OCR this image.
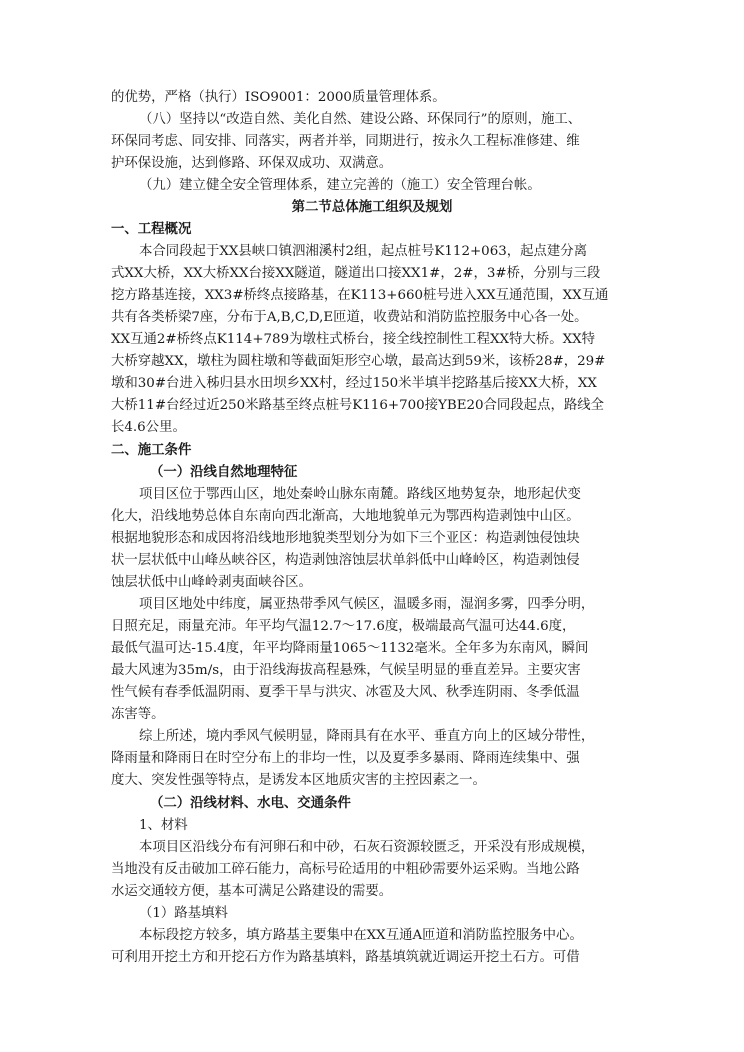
的优势，严格（执行）ISO9001：2000质量管理体系。
（八）坚持以“改造自然、美化自然、建设公路、环保同行”的原则，施工、
环保同考虑、同安排、同落实，两者并举，同期进行，按永久工程标准修建、维
护环保设施，达到修路、环保双成功、双满意。
（九）建立健全安全管理体系，建立完善的（施工）安全管理台帐。
第二节总体施工组织及规划
一、工程概况
本合同段起于XX县峡口镇泗湘溪村2组，起点桩号K112+063，起点建分离
式XX大桥，XX大桥XX台接XX隧道，隧道出口接XX1#，2#，3#桥，分别与三段
挖方路基连接，XX3#桥终点接路基，在K113+660桩号进入XX互通范围，XX互通
共有各类桥梁7座，分布于A,B,C,D,E匝道，收费站和消防监控服务中心各一处。
XX互通2#桥终点K114+789为墩柱式桥台，接全线控制性工程XX特大桥。XX特
大桥穿越XX，墩柱为圆柱墩和等截面矩形空心墩，最高达到59米，该桥28#，29#
墩和30#台进入秭归县水田坝乡XX村，经过150米半填半挖路基后接XX大桥，XX
大桥11#台经过近250米路基至终点桩号K116+700接YBE20合同段起点，路线全
长4.6公里。
二、施工条件
（一）沿线自然地理特征
项目区位于鄂西山区，地处秦岭山脉东南麓。路线区地势复杂，地形起伏变
化大，沿线地势总体自东南向西北渐高，大地地貌单元为鄂西构造剥蚀中山区。
根据地貌形态和成因将沿线地形地貌类型划分为如下三个亚区：构造剥蚀侵蚀块
状一层状低中山峰丛峡谷区，构造剥蚀溶蚀层状单斜低中山峰岭区，构造剥蚀侵
蚀层状低中山峰岭剥夷面峡谷区。
项目区地处中纬度，属亚热带季风气候区，温暖多雨，湿润多雾，四季分明，
日照充足，雨量充沛。年平均气温12.7～17.6度，极端最高气温可达44.6度，
最低气温可达-15.4度，年平均降雨量1065～1132毫米。全年多为东南风，瞬间
最大风速为35m/s，由于沿线海拔高程悬殊，气候呈明显的垂直差异。主要灾害
性气候有春季低温阴雨、夏季干旱与洪灾、冰雹及大风、秋季连阴雨、冬季低温
冻害等。
综上所述，境内季风气候明显，降雨具有在水平、垂直方向上的区域分带性，
降雨量和降雨日在时空分布上的非均一性，以及夏季多暴雨、降雨连续集中、强
度大、突发性强等特点，是诱发本区地质灾害的主控因素之一。
（二）沿线材料、水电、交通条件
1、材料
本项目区沿线分布有河卵石和中砂，石灰石资源较匮乏，开采没有形成规模，
当地没有反击破加工碎石能力，高标号砼适用的中粗砂需要外运采购。当地公路
水运交通较方便，基本可满足公路建设的需要。
（1）路基填料
本标段挖方较多，填方路基主要集中在XX互通A匝道和消防监控服务中心。
可利用开挖土方和开挖石方作为路基填料，路基填筑就近调运开挖土石方。可借
